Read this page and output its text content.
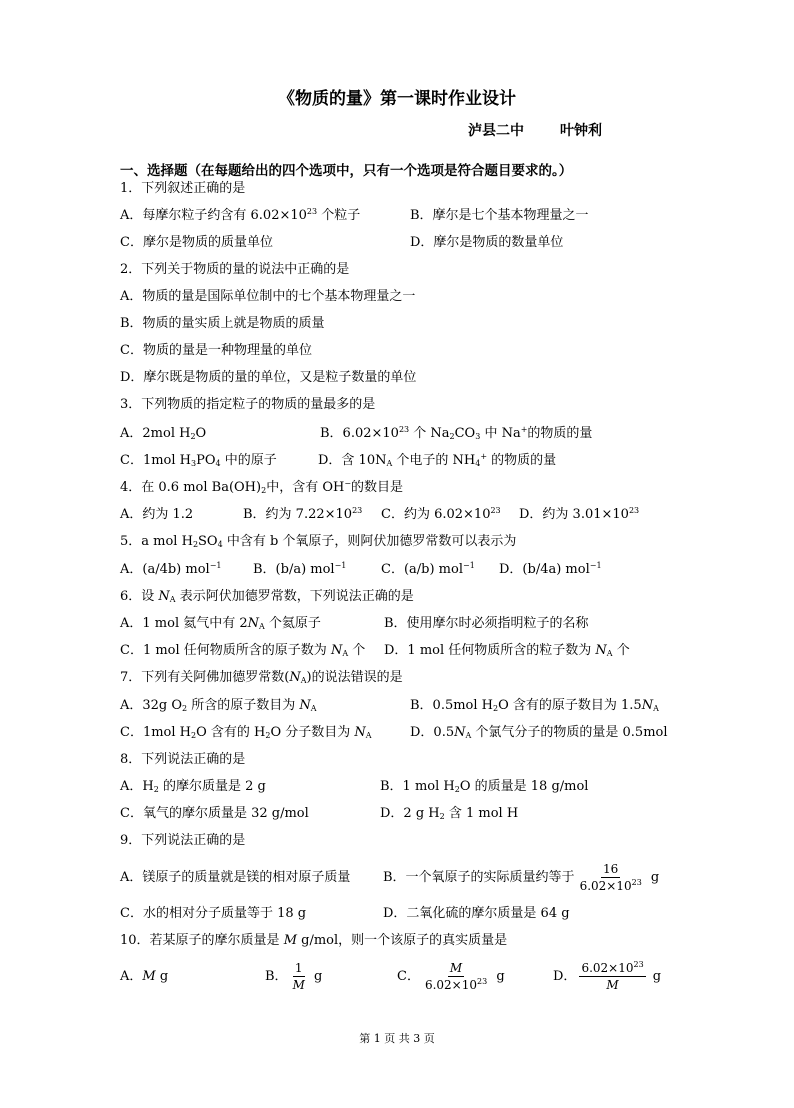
《物质的量》第一课时作业设计
泸县二中	叶钟利
一、选择题（在每题给出的四个选项中，只有一个选项是符合题目要求的。）
1．下列叙述正确的是
A．每摩尔粒子约含有 $6.02\times 10^{23}$ 个粒子	B．摩尔是七个基本物理量之一
C．摩尔是物质的质量单位	D．摩尔是物质的数量单位
2．下列关于物质的量的说法中正确的是
A．物质的量是国际单位制中的七个基本物理量之一
B．物质的量实质上就是物质的质量
C．物质的量是一种物理量的单位
D．摩尔既是物质的量的单位，又是粒子数量的单位
3．下列物质的指定粒子的物质的量最多的是
A．2mol $H_2O$	B．$6.02\times 10^{23}$ 个 $Na_2CO_3$ 中 Na+的物质的量
C．1mol $H_3PO_4$ 中的原子	D．含 $10N_A$ 个电子的 $NH_4^+$ 的物质的量
4．在 0.6 mol $Ba(OH)_2$中，含有 OH−的数目是
A．约为 1.2	B．约为 $7.22\times 10^{23}$ C．约为 $6.02\times 10^{23}$ D．约为 $3.01\times 10^{23}$
5．a mol $H_2SO_4$ 中含有 b 个氧原子，则阿伏加德罗常数可以表示为
A．(a/4b) mol$^{-1}$ B．(b/a) mol$^{-1}$	C．(a/b) mol$^{-1}$ D．(b/4a) mol$^{-1}$
6．设 $N_A$ 表示阿伏加德罗常数，下列说法正确的是
A．1 mol 氦气中有 $2N_A$ 个氦原子	B．使用摩尔时必须指明粒子的名称
C．1 mol 任何物质所含的原子数为 $N_A$ 个 D．1 mol 任何物质所含的粒子数为 $N_A$ 个
7．下列有关阿佛加德罗常数$(N_A)$的说法错误的是
A．32g $O_2$ 所含的原子数目为 $N_A$	B．0.5mol $H_2O$ 含有的原子数目为 $1.5N_A$
C．1mol $H_2O$ 含有的 $H_2O$ 分子数目为 $N_A$	D．$0.5N_A$ 个氯气分子的物质的量是 0.5mol
8．下列说法正确的是
A．$H_2$ 的摩尔质量是 2 g	B．1 mol $H_2O$ 的质量是 18 g/mol
C．氧气的摩尔质量是 32 g/mol	D．2 g $H_2$ 含 1 mol H
9．下列说法正确的是
A．镁原子的质量就是镁的相对原子质量	B．一个氧原子的实际质量约等于 $\frac{16}{6.02\times 10^{23}}$ g
C．水的相对分子质量等于 18 g	D．二氧化硫的摩尔质量是 64 g
10．若某原子的摩尔质量是 M g/mol，则一个该原子的真实质量是
A．M g	B． $\frac{1}{M}$ g	C． $\frac{M}{6.02\times 10^{23}}$ g	D． $\frac{6.02\times 10^{23}}{M}$ g
第 1 页 共 3 页
